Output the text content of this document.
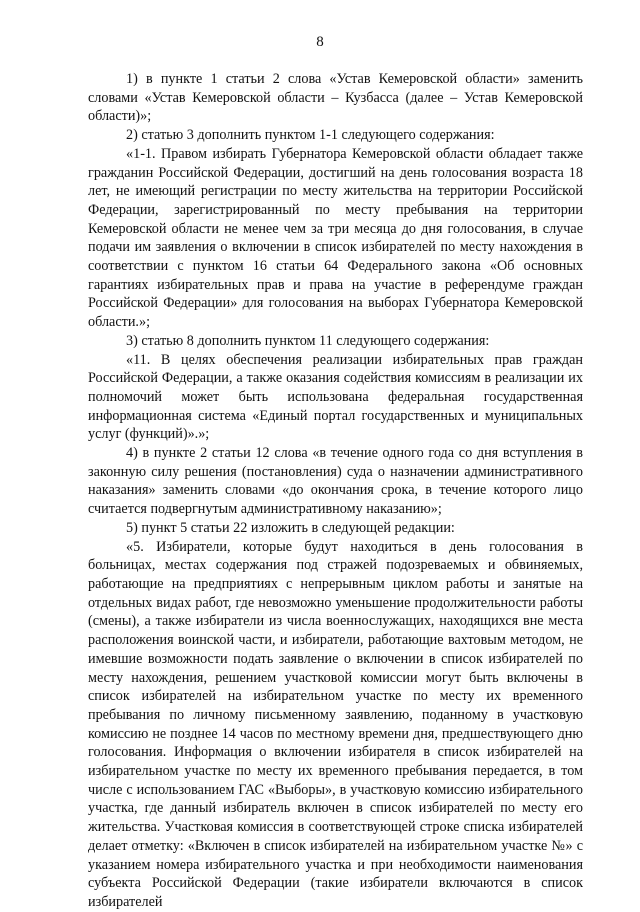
8

1) в пункте 1 статьи 2 слова «Устав Кемеровской области» заменить словами «Устав Кемеровской области – Кузбасса (далее – Устав Кемеровской области)»;

2) статью 3 дополнить пунктом 1-1 следующего содержания:

«1-1. Правом избирать Губернатора Кемеровской области обладает также гражданин Российской Федерации, достигший на день голосования возраста 18 лет, не имеющий регистрации по месту жительства на территории Российской Федерации, зарегистрированный по месту пребывания на территории Кемеровской области не менее чем за три месяца до дня голосования, в случае подачи им заявления о включении в список избирателей по месту нахождения в соответствии с пунктом 16 статьи 64 Федерального закона «Об основных гарантиях избирательных прав и права на участие в референдуме граждан Российской Федерации» для голосования на выборах Губернатора Кемеровской области.»;

3) статью 8 дополнить пунктом 11 следующего содержания:

«11. В целях обеспечения реализации избирательных прав граждан Российской Федерации, а также оказания содействия комиссиям в реализации их полномочий может быть использована федеральная государственная информационная система «Единый портал государственных и муниципальных услуг (функций)».»;

4) в пункте 2 статьи 12 слова «в течение одного года со дня вступления в законную силу решения (постановления) суда о назначении административного наказания» заменить словами «до окончания срока, в течение которого лицо считается подвергнутым административному наказанию»;

5) пункт 5 статьи 22 изложить в следующей редакции:

«5. Избиратели, которые будут находиться в день голосования в больницах, местах содержания под стражей подозреваемых и обвиняемых, работающие на предприятиях с непрерывным циклом работы и занятые на отдельных видах работ, где невозможно уменьшение продолжительности работы (смены), а также избиратели из числа военнослужащих, находящихся вне места расположения воинской части, и избиратели, работающие вахтовым методом, не имевшие возможности подать заявление о включении в список избирателей по месту нахождения, решением участковой комиссии могут быть включены в список избирателей на избирательном участке по месту их временного пребывания по личному письменному заявлению, поданному в участковую комиссию не позднее 14 часов по местному времени дня, предшествующего дню голосования. Информация о включении избирателя в список избирателей на избирательном участке по месту их временного пребывания передается, в том числе с использованием ГАС «Выборы», в участковую комиссию избирательного участка, где данный избиратель включен в список избирателей по месту его жительства. Участковая комиссия в соответствующей строке списка избирателей делает отметку: «Включен в список избирателей на избирательном участке №» с указанием номера избирательного участка и при необходимости наименования субъекта Российской Федерации (такие избиратели включаются в список избирателей
